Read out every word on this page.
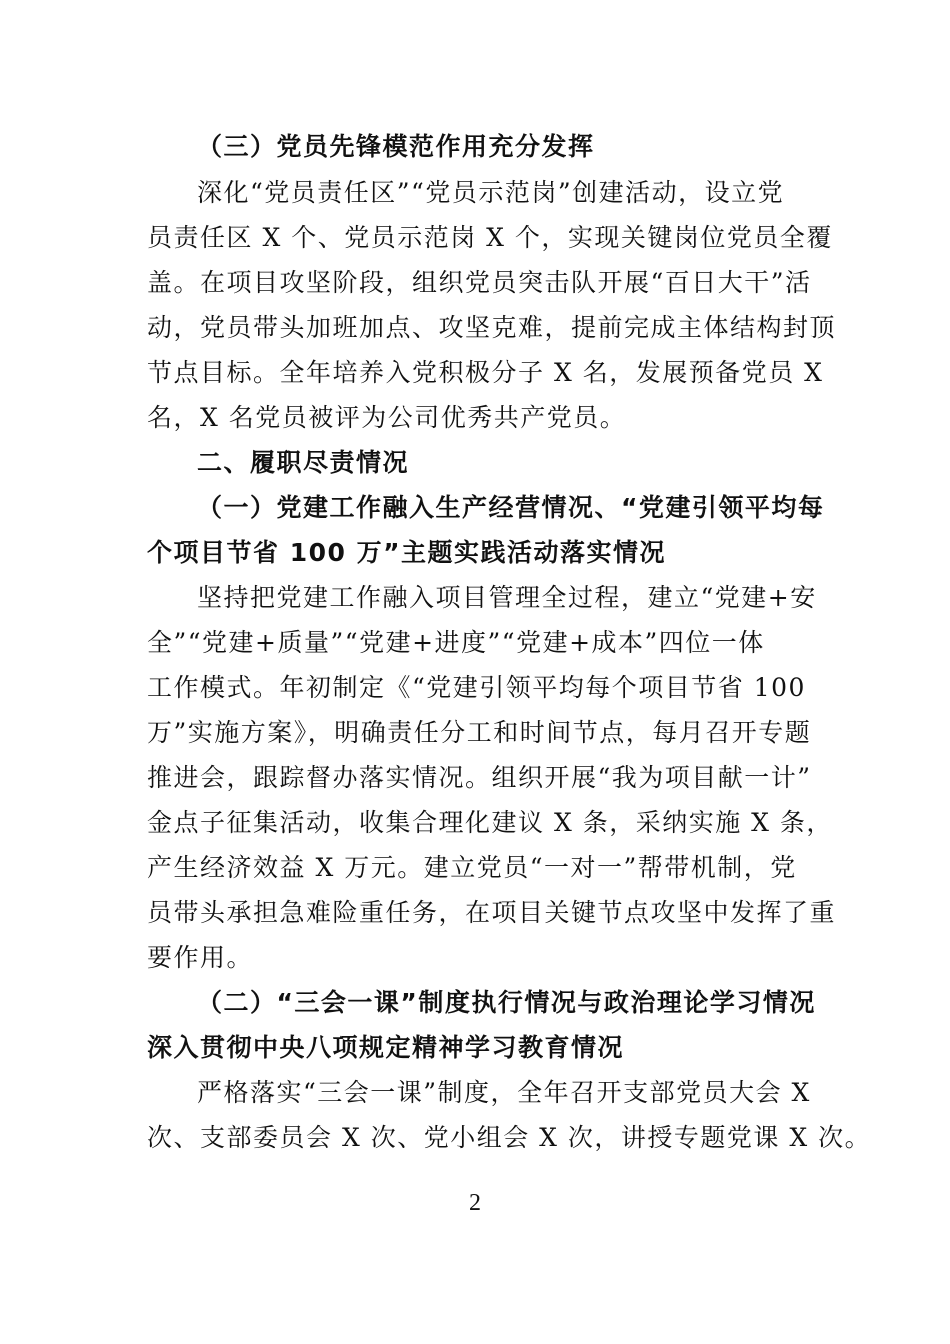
（三）党员先锋模范作用充分发挥
深化“党员责任区”“党员示范岗”创建活动，设立党
员责任区 X 个、党员示范岗 X 个，实现关键岗位党员全覆
盖。在项目攻坚阶段，组织党员突击队开展“百日大干”活
动，党员带头加班加点、攻坚克难，提前完成主体结构封顶
节点目标。全年培养入党积极分子 X 名，发展预备党员 X
名，X 名党员被评为公司优秀共产党员。
二、履职尽责情况
（一）党建工作融入生产经营情况、“党建引领平均每
个项目节省 100 万”主题实践活动落实情况
坚持把党建工作融入项目管理全过程，建立“党建+安
全”“党建+质量”“党建+进度”“党建+成本”四位一体
工作模式。年初制定《“党建引领平均每个项目节省 100
万”实施方案》，明确责任分工和时间节点，每月召开专题
推进会，跟踪督办落实情况。组织开展“我为项目献一计”
金点子征集活动，收集合理化建议 X 条，采纳实施 X 条，
产生经济效益 X 万元。建立党员“一对一”帮带机制，党
员带头承担急难险重任务，在项目关键节点攻坚中发挥了重
要作用。
（二）“三会一课”制度执行情况与政治理论学习情况
深入贯彻中央八项规定精神学习教育情况
严格落实“三会一课”制度，全年召开支部党员大会 X
次、支部委员会 X 次、党小组会 X 次，讲授专题党课 X 次。
2
